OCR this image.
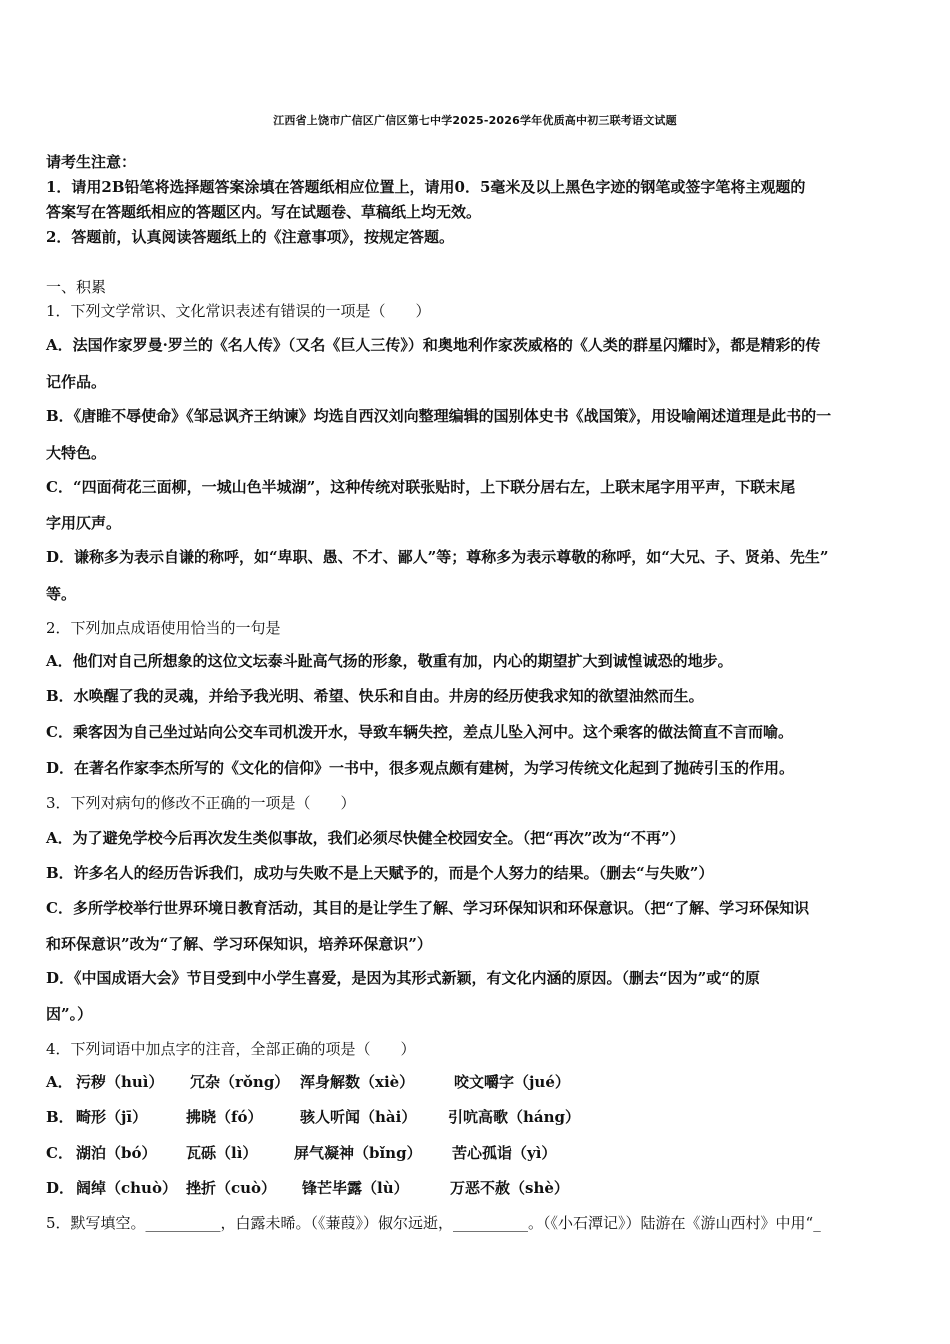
江西省上饶市广信区广信区第七中学2025-2026学年优质高中初三联考语文试题
请考生注意：
1．请用2B铅笔将选择题答案涂填在答题纸相应位置上，请用0．5毫米及以上黑色字迹的钢笔或签字笔将主观题的
答案写在答题纸相应的答题区内。写在试题卷、草稿纸上均无效。
2．答题前，认真阅读答题纸上的《注意事项》，按规定答题。
一、积累
1．下列文学常识、文化常识表述有错误的一项是（　　）
A．法国作家罗曼·罗兰的《名人传》（又名《巨人三传》）和奥地利作家茨威格的《人类的群星闪耀时》，都是精彩的传
记作品。
B．《唐睢不辱使命》《邹忌讽齐王纳谏》均选自西汉刘向整理编辑的国别体史书《战国策》，用设喻阐述道理是此书的一
大特色。
C．“四面荷花三面柳，一城山色半城湖”，这种传统对联张贴时，上下联分居右左，上联末尾字用平声，下联末尾
字用仄声。
D．谦称多为表示自谦的称呼，如“卑职、愚、不才、鄙人”等；尊称多为表示尊敬的称呼，如“大兄、子、贤弟、先生”
等。
2．下列加点成语使用恰当的一句是
A．他们对自己所想象的这位文坛泰斗趾高气扬的形象，敬重有加，内心的期望扩大到诚惶诚恐的地步。
B．水唤醒了我的灵魂，并给予我光明、希望、快乐和自由。井房的经历使我求知的欲望油然而生。
C．乘客因为自己坐过站向公交车司机泼开水，导致车辆失控，差点儿坠入河中。这个乘客的做法简直不言而喻。
D．在著名作家李杰所写的《文化的信仰》一书中，很多观点颇有建树，为学习传统文化起到了抛砖引玉的作用。
3．下列对病句的修改不正确的一项是（　　）
A．为了避免学校今后再次发生类似事故，我们必须尽快健全校园安全。（把“再次”改为“不再”）
B．许多名人的经历告诉我们，成功与失败不是上天赋予的，而是个人努力的结果。（删去“与失败”）
C．多所学校举行世界环境日教育活动，其目的是让学生了解、学习环保知识和环保意识。（把“了解、学习环保知识
和环保意识”改为“了解、学习环保知识，培养环保意识”）
D．《中国成语大会》节目受到中小学生喜爱，是因为其形式新颖，有文化内涵的原因。（删去“因为”或“的原
因”。）
4．下列词语中加点字的注音，全部正确的项是（　　）
A． 污秽（huì） 冗杂（rǒng） 浑身解数（xiè）	咬文嚼字（jué）
B． 畸形（jī）	拂晓（fó）	骇人听闻（hài） 引吭高歌（háng）
C． 湖泊（bó） 瓦砾（lì） 屏气凝神（bǐng） 苦心孤诣（yì）
D． 阔绰（chuò） 挫折（cuò） 锋芒毕露（lù）	万恶不赦（shè）
5．默写填空。__________，白露未晞。（《蒹葭》）俶尔远逝，__________。（《小石潭记》）陆游在《游山西村》中用“_
